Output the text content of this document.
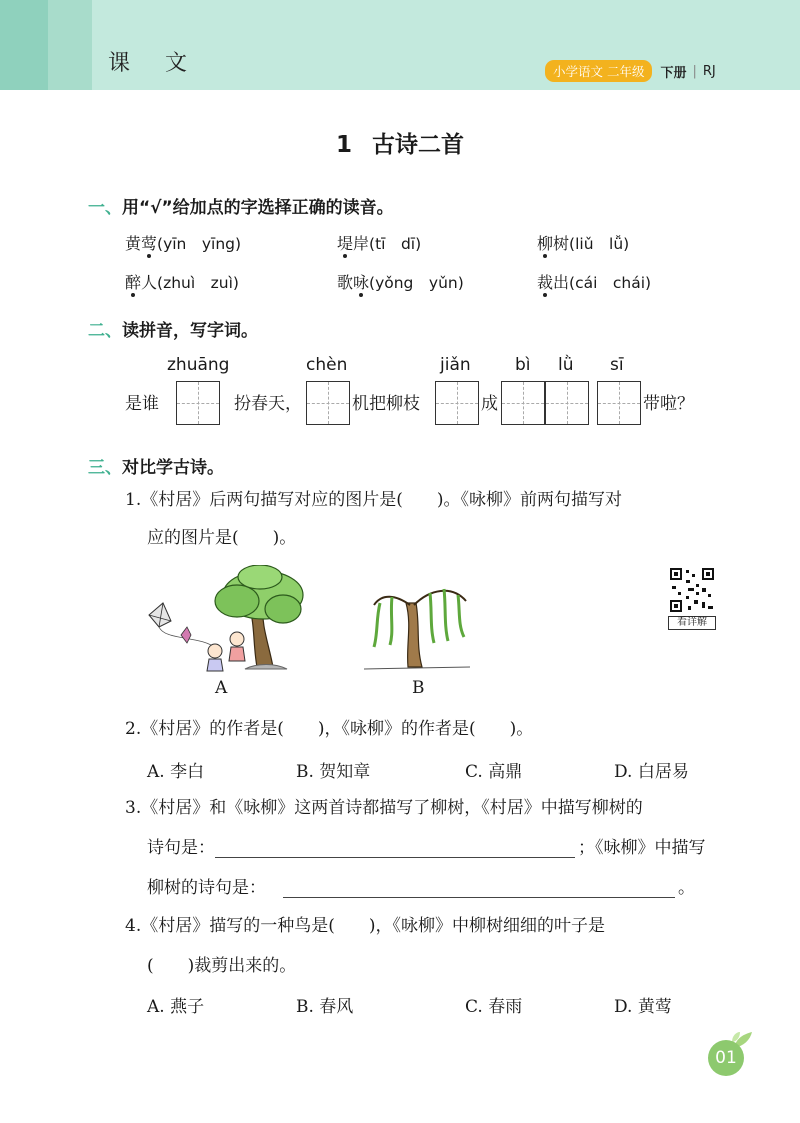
课 文	小学语文 二年级	下册 | RJ
1 古诗二首
一、用“√”给加点的字选择正确的读音。
黄莺(yīn　yīng)	堤岸(tī　dī)	柳树(liǔ　lǚ)
醉人(zhuì　zuì)	歌咏(yǒng　yǔn)	裁出(cái　chái)
二、读拼音，写字词。
zhuāng	chèn	jiǎn	bì lǜ sī
是谁	扮春天，	机把柳枝	成	带啦？
三、对比学古诗。
1.《村居》后两句描写对应的图片是(　　)。《咏柳》前两句描写对
应的图片是(　　)。
A	B
看详解
2.《村居》的作者是(　　)，《咏柳》的作者是(　　)。
A. 李白	B. 贺知章	C. 高鼎	D. 白居易
3.《村居》和《咏柳》这两首诗都描写了柳树，《村居》中描写柳树的
诗句是：	；《咏柳》中描写
柳树的诗句是：	。
4.《村居》描写的一种鸟是(　　)，《咏柳》中柳树细细的叶子是
(　　)裁剪出来的。
A. 燕子	B. 春风	C. 春雨	D. 黄莺
01
